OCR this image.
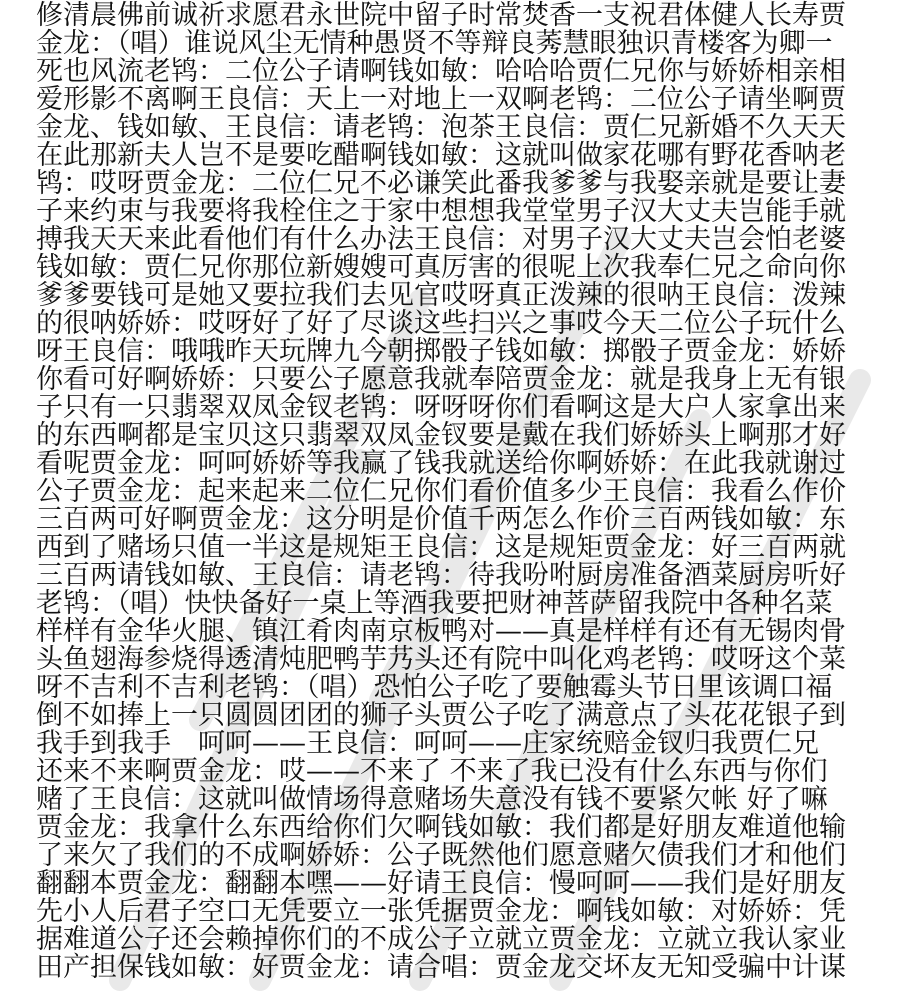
修清晨佛前诚祈求愿君永世院中留子时常焚香一支祝君体健人长寿贾
金龙：（唱）谁说风尘无情种愚贤不等辩良莠慧眼独识青楼客为卿一
死也风流老鸨：二位公子请啊钱如敏：哈哈哈贾仁兄你与娇娇相亲相
爱形影不离啊王良信：天上一对地上一双啊老鸨：二位公子请坐啊贾
金龙、钱如敏、王良信：请老鸨：泡茶王良信：贾仁兄新婚不久天天
在此那新夫人岂不是要吃醋啊钱如敏：这就叫做家花哪有野花香呐老
鸨：哎呀贾金龙：二位仁兄不必谦笑此番我爹爹与我娶亲就是要让妻
子来约束与我要将我栓住之于家中想想我堂堂男子汉大丈夫岂能手就
搏我天天来此看他们有什么办法王良信：对男子汉大丈夫岂会怕老婆
钱如敏：贾仁兄你那位新嫂嫂可真厉害的很呢上次我奉仁兄之命向你
爹爹要钱可是她又要拉我们去见官哎呀真正泼辣的很呐王良信：泼辣
的很呐娇娇：哎呀好了好了尽谈这些扫兴之事哎今天二位公子玩什么
呀王良信：哦哦昨天玩牌九今朝掷骰子钱如敏：掷骰子贾金龙：娇娇
你看可好啊娇娇：只要公子愿意我就奉陪贾金龙：就是我身上无有银
子只有一只翡翠双凤金钗老鸨：呀呀呀你们看啊这是大户人家拿出来
的东西啊都是宝贝这只翡翠双凤金钗要是戴在我们娇娇头上啊那才好
看呢贾金龙：呵呵娇娇等我赢了钱我就送给你啊娇娇：在此我就谢过
公子贾金龙：起来起来二位仁兄你们看价值多少王良信：我看么作价
三百两可好啊贾金龙：这分明是价值千两怎么作价三百两钱如敏：东
西到了赌场只值一半这是规矩王良信：这是规矩贾金龙：好三百两就
三百两请钱如敏、王良信：请老鸨：待我吩咐厨房准备酒菜厨房听好
老鸨：（唱）快快备好一桌上等酒我要把财神菩萨留我院中各种名菜
样样有金华火腿、镇江肴肉南京板鸭对——真是样样有还有无锡肉骨
头鱼翅海参烧得透清炖肥鸭芋艿头还有院中叫化鸡老鸨：哎呀这个菜
呀不吉利不吉利老鸨：（唱）恐怕公子吃了要触霉头节日里该调口福
倒不如捧上一只圆圆团团的狮子头贾公子吃了满意点了头花花银子到
我手到我手　呵呵——王良信：呵呵——庄家统赔金钗归我贾仁兄
还来不来啊贾金龙：哎——不来了 不来了我已没有什么东西与你们
赌了王良信：这就叫做情场得意赌场失意没有钱不要紧欠帐 好了嘛
贾金龙：我拿什么东西给你们欠啊钱如敏：我们都是好朋友难道他输
了来欠了我们的不成啊娇娇：公子既然他们愿意赌欠债我们才和他们
翻翻本贾金龙：翻翻本嘿——好请王良信：慢呵呵——我们是好朋友
先小人后君子空口无凭要立一张凭据贾金龙：啊钱如敏：对娇娇：凭
据难道公子还会赖掉你们的不成公子立就立贾金龙：立就立我认家业
田产担保钱如敏：好贾金龙：请合唱：贾金龙交坏友无知受骗中计谋
